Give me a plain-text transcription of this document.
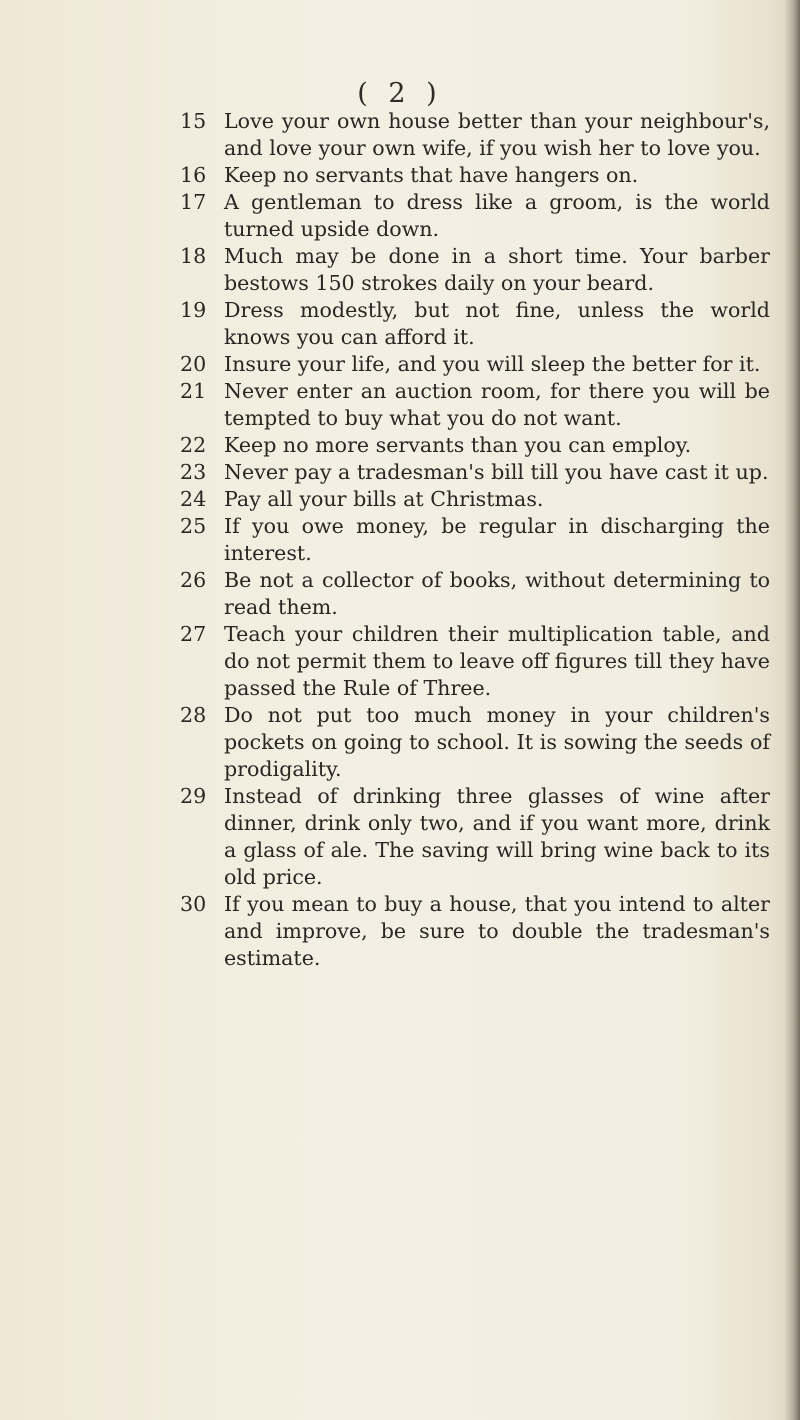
( 2 )

15 Love your own house better than your neighbour's, and love your own wife, if you wish her to love you.

16 Keep no servants that have hangers on.

17 A gentleman to dress like a groom, is the world turned upside down.

18 Much may be done in a short time. Your barber bestows 150 strokes daily on your beard.

19 Dress modestly, but not fine, unless the world knows you can afford it.

20 Insure your life, and you will sleep the better for it.

21 Never enter an auction room, for there you will be tempted to buy what you do not want.

22 Keep no more servants than you can employ.

23 Never pay a tradesman's bill till you have cast it up.

24 Pay all your bills at Christmas.

25 If you owe money, be regular in discharging the interest.

26 Be not a collector of books, without determining to read them.

27 Teach your children their multiplication table, and do not permit them to leave off figures till they have passed the Rule of Three.

28 Do not put too much money in your children's pockets on going to school. It is sowing the seeds of prodigality.

29 Instead of drinking three glasses of wine after dinner, drink only two, and if you want more, drink a glass of ale. The saving will bring wine back to its old price.

30 If you mean to buy a house, that you intend to alter and improve, be sure to double the tradesman's estimate.
